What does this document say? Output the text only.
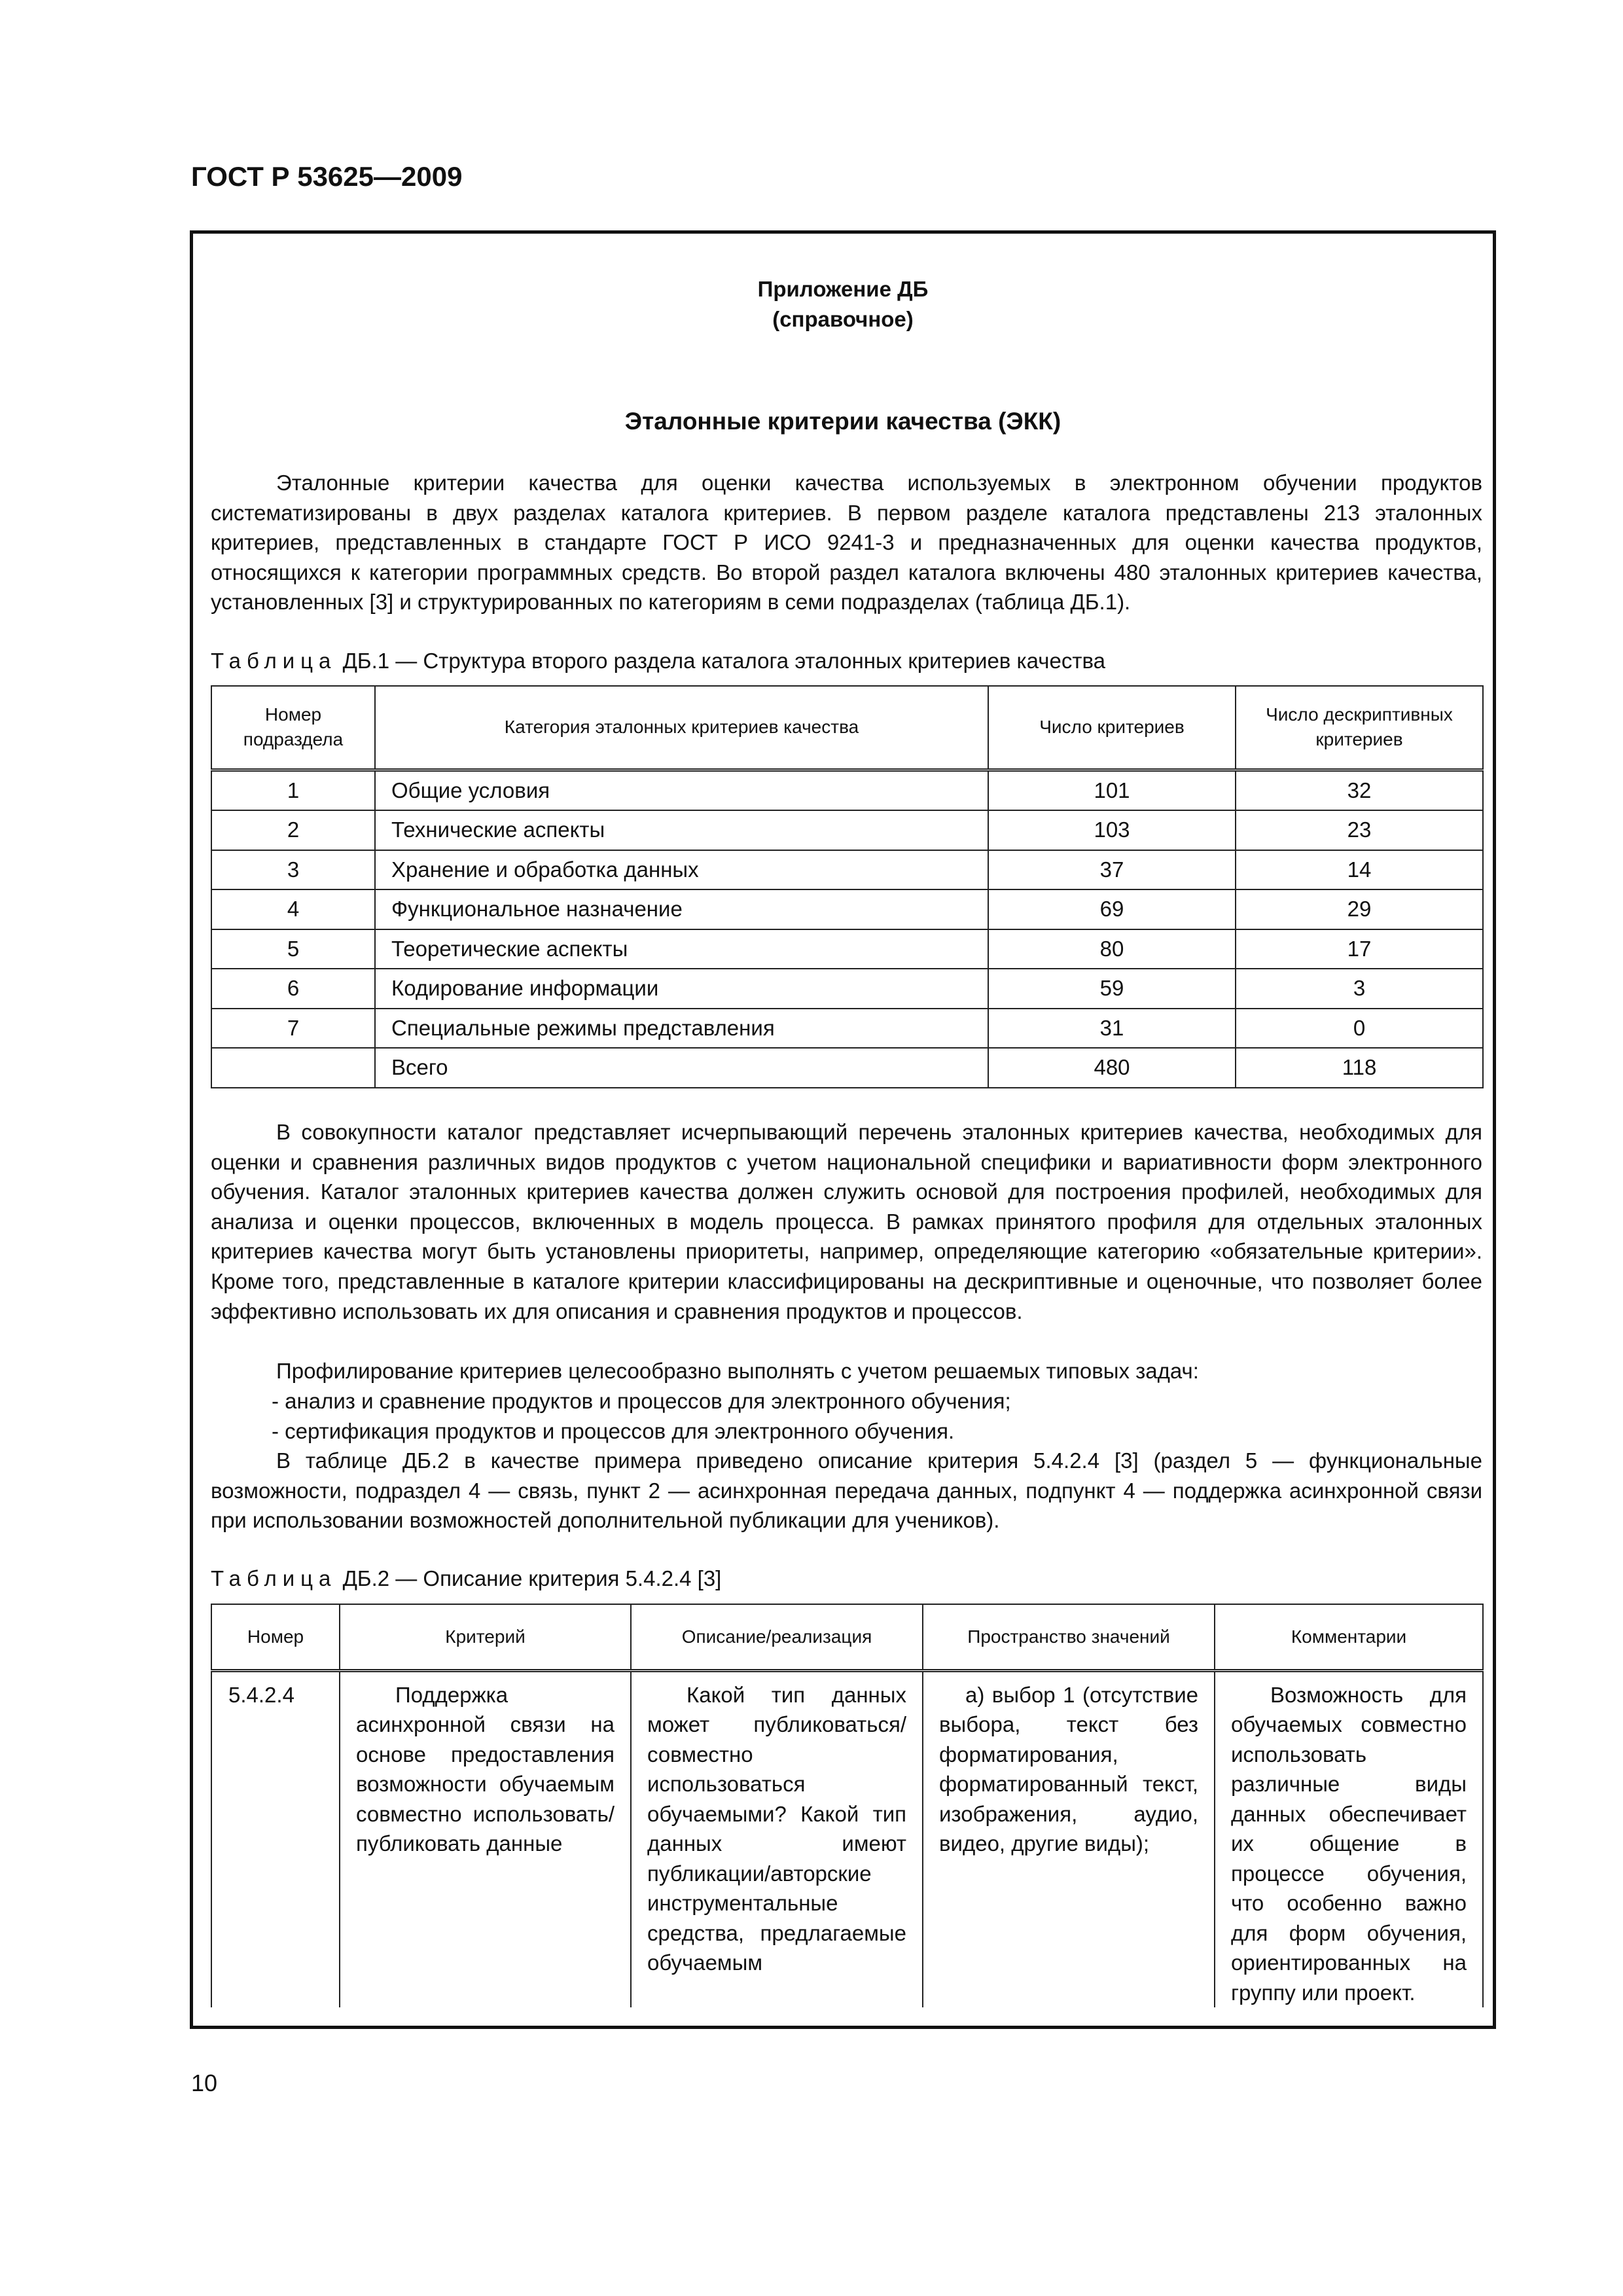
ГОСТ Р 53625—2009
Приложение ДБ
(справочное)
Эталонные критерии качества (ЭКК)

Эталонные критерии качества для оценки качества используемых в электронном обучении продуктов систематизированы в двух разделах каталога критериев. В первом разделе каталога представлены 213 эталонных критериев, представленных в стандарте ГОСТ Р ИСО 9241-3 и предназначенных для оценки качества продуктов, относящихся к категории программных средств. Во второй раздел каталога включены 480 эталонных критериев качества, установленных [3] и структурированных по категориям в семи подразделах (таблица ДБ.1).

Таблица ДБ.1 — Структура второго раздела каталога эталонных критериев качества
Номер подраздела	Категория эталонных критериев качества	Число критериев	Число дескриптивных критериев
1	Общие условия	101	32
2	Технические аспекты	103	23
3	Хранение и обработка данных	37	14
4	Функциональное назначение	69	29
5	Теоретические аспекты	80	17
6	Кодирование информации	59	3
7	Специальные режимы представления	31	0
	Всего	480	118

В совокупности каталог представляет исчерпывающий перечень эталонных критериев качества, необходимых для оценки и сравнения различных видов продуктов с учетом национальной специфики и вариативности форм электронного обучения. Каталог эталонных критериев качества должен служить основой для построения профилей, необходимых для анализа и оценки процессов, включенных в модель процесса. В рамках принятого профиля для отдельных эталонных критериев качества могут быть установлены приоритеты, например, определяющие категорию «обязательные критерии». Кроме того, представленные в каталоге критерии классифицированы на дескриптивные и оценочные, что позволяет более эффективно использовать их для описания и сравнения продуктов и процессов.

Профилирование критериев целесообразно выполнять с учетом решаемых типовых задач:

- анализ и сравнение продуктов и процессов для электронного обучения;
- сертификация продуктов и процессов для электронного обучения.

В таблице ДБ.2 в качестве примера приведено описание критерия 5.4.2.4 [3] (раздел 5 — функциональные возможности, подраздел 4 — связь, пункт 2 — асинхронная передача данных, подпункт 4 — поддержка асинхронной связи при использовании возможностей дополнительной публикации для учеников).

Таблица ДБ.2 — Описание критерия 5.4.2.4 [3]
Номер	Критерий	Описание/реализация	Пространство значений	Комментарии
5.4.2.4	Поддержка асинхронной связи на основе предоставления возможности обучаемым совместно использовать/публиковать данные	Какой тип данных может публиковаться/совместно использоваться обучаемыми? Какой тип данных имеют публикации/авторские инструментальные средства, предлагаемые обучаемым	а) выбор 1 (отсутствие выбора, текст без форматирования, форматированный текст, изображения, аудио, видео, другие виды);	Возможность для обучаемых совместно использовать различные виды данных обеспечивает их общение в процессе обучения, что особенно важно для форм обучения, ориентированных на группу или проект.
10
